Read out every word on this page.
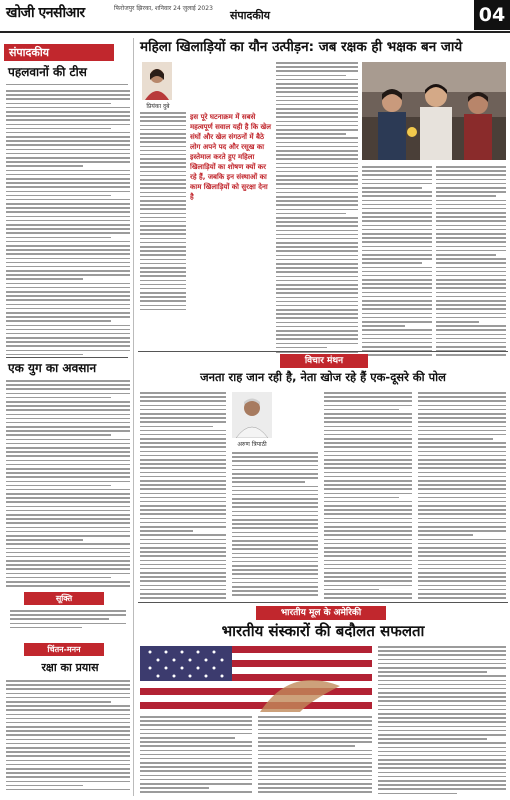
खोजी एनसीआर	फिरोजपुर झिरका, शनिवार 24 जुलाई 2023
संपादकीय	04
संपादकीय
पहलवानों की टीस
एक युग का अवसान
सूक्ति
चिंतन-मनन
रक्षा का प्रयास
महिला खिलाड़ियों का यौन उत्पीड़न: जब रक्षक ही भक्षक बन जाये
प्रियंका दुबे
इस पूरे घटनाक्रम में सबसे महत्वपूर्ण सवाल यही है कि खेल संघों और खेल संगठनों में बैठे लोग अपने पद और रसूख का इस्तेमाल करते हुए महिला खिलाड़ियों का शोषण क्यों कर रहे हैं, जबकि इन संस्थाओं का काम खिलाड़ियों को सुरक्षा देना है
विचार मंथन
जनता राह जान रही है, नेता खोज रहे हैं एक-दूसरे की पोल
अरुण त्रिपाठी
भारतीय मूल के अमेरिकी
भारतीय संस्कारों की बदौलत सफलता
